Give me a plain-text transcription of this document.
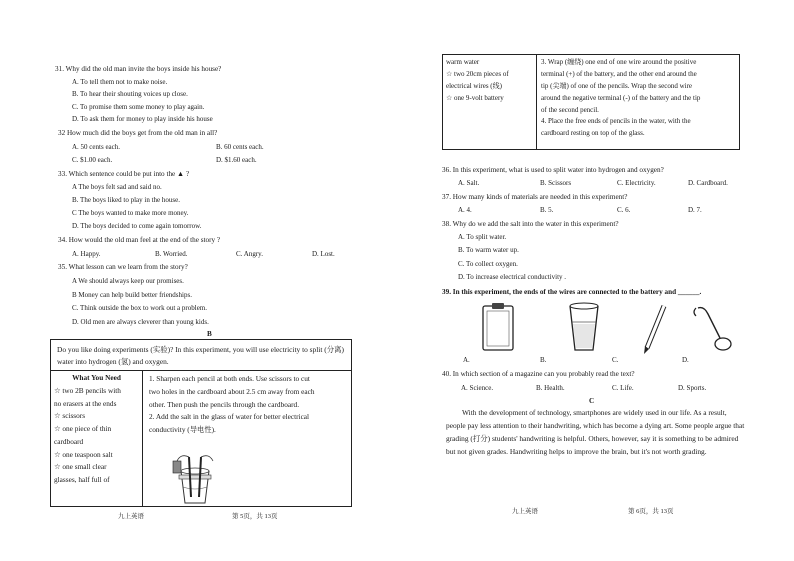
31. Why did the old man invite the boys inside his house?
A. To tell them not to make noise.
B. To hear their shouting voices up close.
C. To promise them some money to play again.
D. To ask them for money to play inside his house
32 How much did the boys get from the old man in all?
A. 50 cents each.	B. 60 cents each.
C. $1.00 each.	D. $1.60 each.
33. Which sentence could be put into the ▲ ?
A The boys felt sad and said no.
B. The boys liked to play in the house.
C The boys wanted to make more money.
D. The boys decided to come again tomorrow.
34. How would the old man feel at the end of the story ?
A. Happy.	B. Worried.	C. Angry.	D. Lost.
35. What lesson can we learn from the story?
A We should always keep our promises.
B Money can help build better friendships.
C. Think outside the box to work out a problem.
D. Old men are always cleverer than young kids.
B
Do you like doing experiments (实验)? In this experiment, you will use electricity to split (分离) water into hydrogen (氢) and oxygen.
What You Need
☆ two 2B pencils with
no erasers at the ends
☆ scissors
☆ one piece of thin
cardboard
☆ one teaspoon salt
☆ one small clear
glasses, half full of
1. Sharpen each pencil at both ends. Use scissors to cut
two holes in the cardboard about 2.5 cm away from each
other. Then push the pencils through the cardboard.
2. Add the salt in the glass of water for better electrical
conductivity (导电性).
九上英语	第 5页，共 13页
warm water
☆ two 20cm pieces of
electrical wires (线)
☆ one 9-volt battery
3. Wrap (缠绕) one end of one wire around the positive
terminal (+) of the battery, and the other end around the
tip (尖端) of one of the pencils. Wrap the second wire
around the negative terminal (-) of the battery and the tip
of the second pencil.
4. Place the free ends of pencils in the water, with the
cardboard resting on top of the glass.
36. In this experiment, what is used to split water into hydrogen and oxygen?
A. Salt.	B. Scissors	C. Electricity.	D. Cardboard.
37. How many kinds of materials are needed in this experiment?
A. 4.	B. 5.	C. 6.	D. 7.
38. Why do we add the salt into the water in this experiment?
A. To split water.
B. To warm water up.
C. To collect oxygen.
D. To increase electrical conductivity .
39. In this experiment, the ends of the wires are connected to the battery and ______.
A.	B.	C.	D.
40. In which section of a magazine can you probably read the text?
A. Science.	B. Health.	C. Life.	D. Sports.
C
With the development of technology, smartphones are widely used in our life. As a result, people pay less attention to their handwriting, which has become a dying art. Some people argue that grading (打分) students' handwriting is helpful. Others, however, say it is something to be admired but not given grades. Handwriting helps to improve the brain, but it's not worth grading.
九上英语	第 6页，共 13页
